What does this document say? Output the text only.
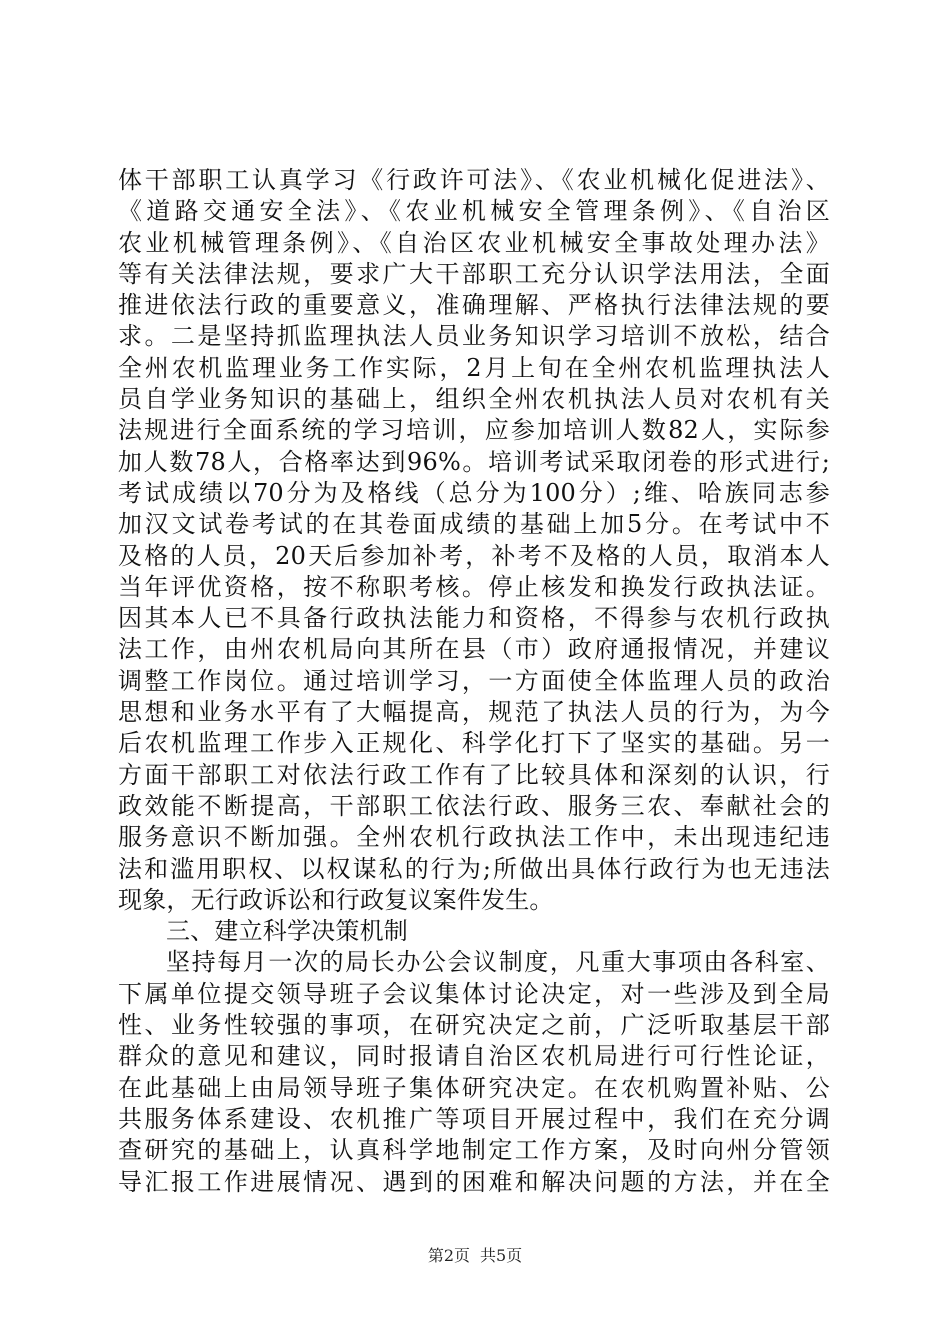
体干部职工认真学习《行政许可法》、《农业机械化促进法》、
《道路交通安全法》、《农业机械安全管理条例》、《自治区
农业机械管理条例》、《自治区农业机械安全事故处理办法》
等有关法律法规，要求广大干部职工充分认识学法用法，全面
推进依法行政的重要意义，准确理解、严格执行法律法规的要
求。二是坚持抓监理执法人员业务知识学习培训不放松，结合
全州农机监理业务工作实际，2月上旬在全州农机监理执法人
员自学业务知识的基础上，组织全州农机执法人员对农机有关
法规进行全面系统的学习培训，应参加培训人数82人，实际参
加人数78人，合格率达到96%。培训考试采取闭卷的形式进行;
考试成绩以70分为及格线（总分为100分）;维、哈族同志参
加汉文试卷考试的在其卷面成绩的基础上加5分。在考试中不
及格的人员，20天后参加补考，补考不及格的人员，取消本人
当年评优资格，按不称职考核。停止核发和换发行政执法证。
因其本人已不具备行政执法能力和资格，不得参与农机行政执
法工作，由州农机局向其所在县（市）政府通报情况，并建议
调整工作岗位。通过培训学习，一方面使全体监理人员的政治
思想和业务水平有了大幅提高，规范了执法人员的行为，为今
后农机监理工作步入正规化、科学化打下了坚实的基础。另一
方面干部职工对依法行政工作有了比较具体和深刻的认识，行
政效能不断提高，干部职工依法行政、服务三农、奉献社会的
服务意识不断加强。全州农机行政执法工作中，未出现违纪违
法和滥用职权、以权谋私的行为;所做出具体行政行为也无违法
现象，无行政诉讼和行政复议案件发生。
三、建立科学决策机制
坚持每月一次的局长办公会议制度，凡重大事项由各科室、
下属单位提交领导班子会议集体讨论决定，对一些涉及到全局
性、业务性较强的事项，在研究决定之前，广泛听取基层干部
群众的意见和建议，同时报请自治区农机局进行可行性论证，
在此基础上由局领导班子集体研究决定。在农机购置补贴、公
共服务体系建设、农机推广等项目开展过程中，我们在充分调
查研究的基础上，认真科学地制定工作方案，及时向州分管领
导汇报工作进展情况、遇到的困难和解决问题的方法，并在全
第2页 共5页
